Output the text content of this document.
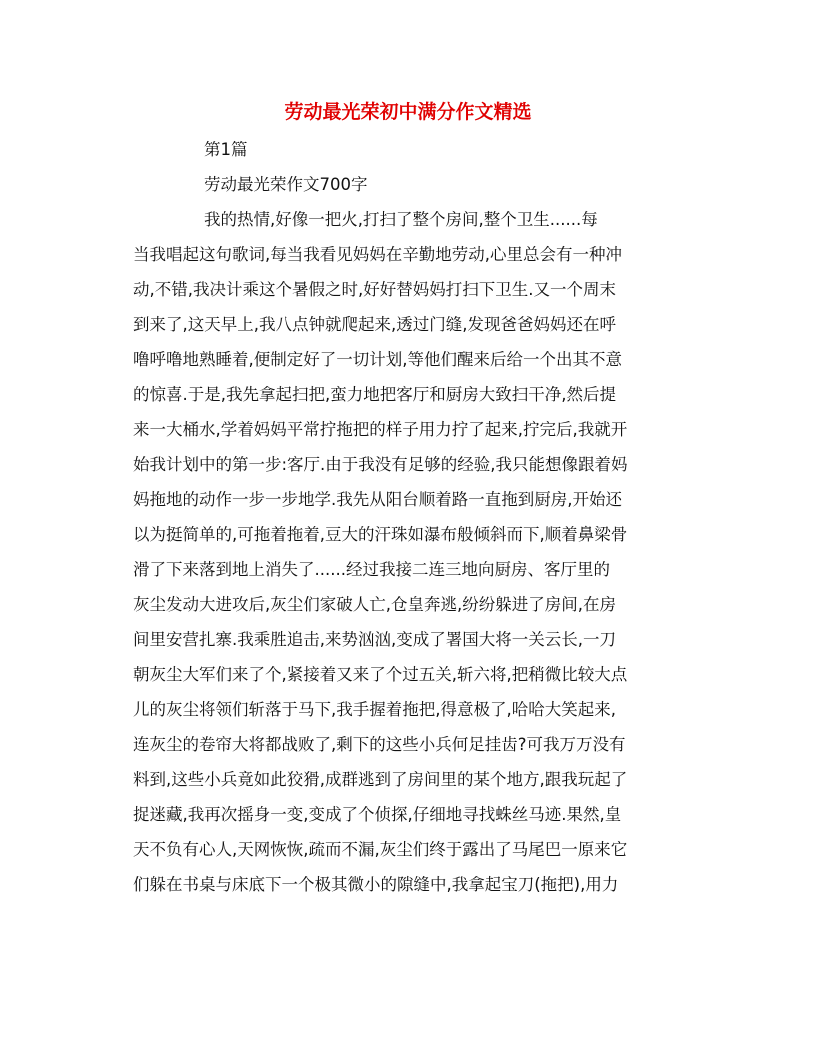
劳动最光荣初中满分作文精选
第1篇
劳动最光荣作文700字
我的热情,好像一把火,打扫了整个房间,整个卫生......每
当我唱起这句歌词,每当我看见妈妈在辛勤地劳动,心里总会有一种冲
动,不错,我决计乘这个暑假之时,好好替妈妈打扫下卫生.又一个周末
到来了,这天早上,我八点钟就爬起来,透过门缝,发现爸爸妈妈还在呼
噜呼噜地熟睡着,便制定好了一切计划,等他们醒来后给一个出其不意
的惊喜.于是,我先拿起扫把,蛮力地把客厅和厨房大致扫干净,然后提
来一大桶水,学着妈妈平常拧拖把的样子用力拧了起来,拧完后,我就开
始我计划中的第一步:客厅.由于我没有足够的经验,我只能想像跟着妈
妈拖地的动作一步一步地学.我先从阳台顺着路一直拖到厨房,开始还
以为挺简单的,可拖着拖着,豆大的汗珠如瀑布般倾斜而下,顺着鼻梁骨
滑了下来落到地上消失了......经过我接二连三地向厨房、客厅里的
灰尘发动大进攻后,灰尘们家破人亡,仓皇奔逃,纷纷躲进了房间,在房
间里安营扎寨.我乘胜追击,来势汹汹,变成了署国大将一关云长,一刀
朝灰尘大军们来了个,紧接着又来了个过五关,斩六将,把稍微比较大点
儿的灰尘将领们斩落于马下,我手握着拖把,得意极了,哈哈大笑起来,
连灰尘的卷帘大将都战败了,剩下的这些小兵何足挂齿?可我万万没有
料到,这些小兵竟如此狡猾,成群逃到了房间里的某个地方,跟我玩起了
捉迷藏,我再次摇身一变,变成了个侦探,仔细地寻找蛛丝马迹.果然,皇
天不负有心人,天网恢恢,疏而不漏,灰尘们终于露出了马尾巴一原来它
们躲在书桌与床底下一个极其微小的隙缝中,我拿起宝刀(拖把),用力
